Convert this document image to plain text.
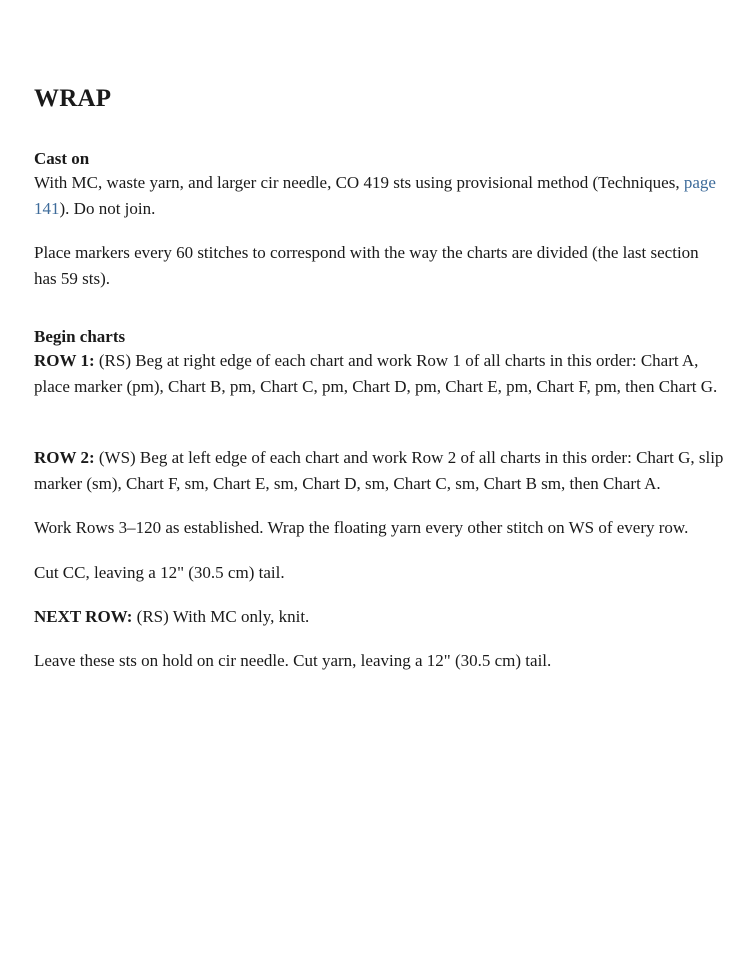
WRAP
Cast on

With MC, waste yarn, and larger cir needle, CO 419 sts using provisional method (Techniques, page 141). Do not join.

Place markers every 60 stitches to correspond with the way the charts are divided (the last section has 59 sts).

Begin charts

ROW 1: (RS) Beg at right edge of each chart and work Row 1 of all charts in this order: Chart A, place marker (pm), Chart B, pm, Chart C, pm, Chart D, pm, Chart E, pm, Chart F, pm, then Chart G.

ROW 2: (WS) Beg at left edge of each chart and work Row 2 of all charts in this order: Chart G, slip marker (sm), Chart F, sm, Chart E, sm, Chart D, sm, Chart C, sm, Chart B sm, then Chart A.

Work Rows 3–120 as established. Wrap the floating yarn every other stitch on WS of every row.

Cut CC, leaving a 12" (30.5 cm) tail.

NEXT ROW: (RS) With MC only, knit.

Leave these sts on hold on cir needle. Cut yarn, leaving a 12" (30.5 cm) tail.
